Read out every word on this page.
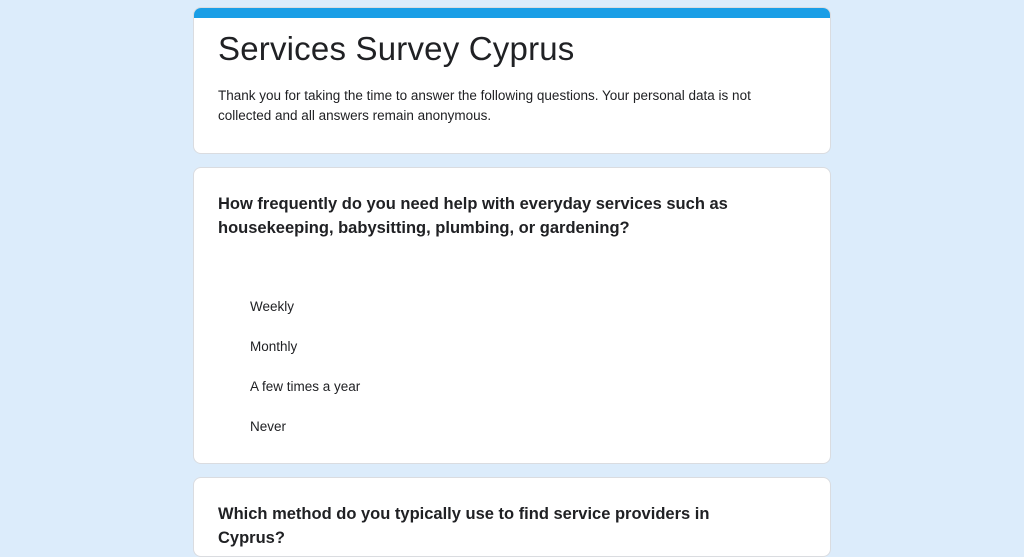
Services Survey Cyprus
Thank you for taking the time to answer the following questions. Your personal data is not collected and all answers remain anonymous.
How frequently do you need help with everyday services such as housekeeping, babysitting, plumbing, or gardening?
Weekly
Monthly
A few times a year
Never
Which method do you typically use to find service providers in Cyprus?
